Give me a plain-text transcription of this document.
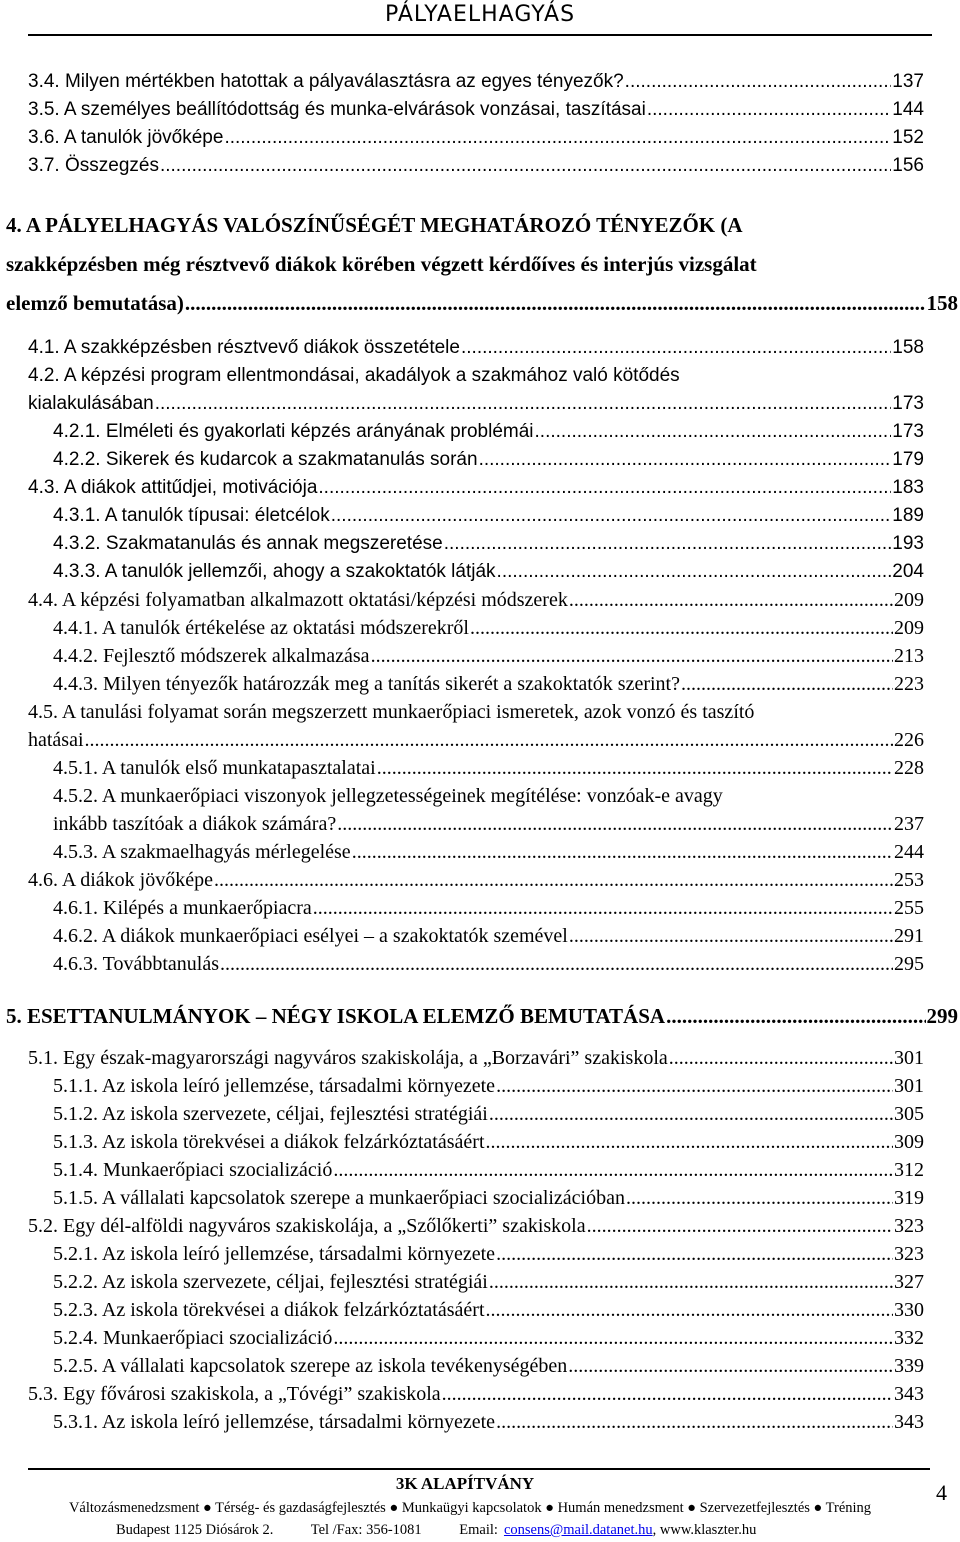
PÁLYAELHAGYÁS
3.4. Milyen mértékben hatottak a pályaválasztásra az egyes tényezők? .....	137
3.5. A személyes beállítódottság és munka-elvárások vonzásai, taszításai .....	144
3.6. A tanulók jövőképe .....	152
3.7. Összegzés .....	156
4. A PÁLYELHAGYÁS VALÓSZÍNŰSÉGÉT MEGHATÁROZÓ TÉNYEZŐK (A
szakképzésben még résztvevő diákok körében végzett kérdőíves és interjús vizsgálat
elemző bemutatása) .....	158
4.1. A szakképzésben résztvevő diákok összetétele .....	158
4.2. A képzési program ellentmondásai, akadályok a szakmához való kötődés
kialakulásában .....	173
4.2.1. Elméleti és gyakorlati képzés arányának problémái .....	173
4.2.2. Sikerek és kudarcok a szakmatanulás során .....	179
4.3. A diákok attitűdjei, motivációja .....	183
4.3.1. A tanulók típusai: életcélok .....	189
4.3.2. Szakmatanulás és annak megszeretése .....	193
4.3.3. A tanulók jellemzői, ahogy a szakoktatók látják .....	204
4.4. A képzési folyamatban alkalmazott oktatási/képzési módszerek .....	209
4.4.1. A tanulók értékelése az oktatási módszerekről .....	209
4.4.2. Fejlesztő módszerek alkalmazása .....	213
4.4.3. Milyen tényezők határozzák meg a tanítás sikerét a szakoktatók szerint? .....	223
4.5. A tanulási folyamat során megszerzett munkaerőpiaci ismeretek, azok vonzó és taszító
hatásai .....	226
4.5.1. A tanulók első munkatapasztalatai .....	228
4.5.2. A munkaerőpiaci viszonyok jellegzetességeinek megítélése: vonzóak-e avagy
inkább taszítóak a diákok számára? .....	237
4.5.3. A szakmaelhagyás mérlegelése .....	244
4.6. A diákok jövőképe .....	253
4.6.1. Kilépés a munkaerőpiacra .....	255
4.6.2. A diákok munkaerőpiaci esélyei – a szakoktatók szemével .....	291
4.6.3. Továbbtanulás .....	295
5. ESETTANULMÁNYOK – NÉGY ISKOLA ELEMZŐ BEMUTATÁSA .....	299
5.1. Egy észak-magyarországi nagyváros szakiskolája, a „Borzavári” szakiskola .....	301
5.1.1. Az iskola leíró jellemzése, társadalmi környezete .....	301
5.1.2. Az iskola szervezete, céljai, fejlesztési stratégiái .....	305
5.1.3. Az iskola törekvései a diákok felzárkóztatásáért .....	309
5.1.4. Munkaerőpiaci szocializáció .....	312
5.1.5. A vállalati kapcsolatok szerepe a munkaerőpiaci szocializációban .....	319
5.2. Egy dél-alföldi nagyváros szakiskolája, a „Szőlőkerti” szakiskola .....	323
5.2.1. Az iskola leíró jellemzése, társadalmi környezete .....	323
5.2.2. Az iskola szervezete, céljai, fejlesztési stratégiái .....	327
5.2.3. Az iskola törekvései a diákok felzárkóztatásáért .....	330
5.2.4. Munkaerőpiaci szocializáció .....	332
5.2.5. A vállalati kapcsolatok szerepe az iskola tevékenységében .....	339
5.3. Egy fővárosi szakiskola, a „Tóvégi” szakiskola .....	343
5.3.1. Az iskola leíró jellemzése, társadalmi környezete .....	343
3K ALAPÍTVÁNY	4
Változásmenedzsment ● Térség- és gazdaságfejlesztés ● Munkaügyi kapcsolatok ● Humán menedzsment ● Szervezetfejlesztés ● Tréning
Budapest 1125 Diósárok 2.	Tel /Fax: 356-1081	Email: consens@mail.datanet.hu, www.klaszter.hu
